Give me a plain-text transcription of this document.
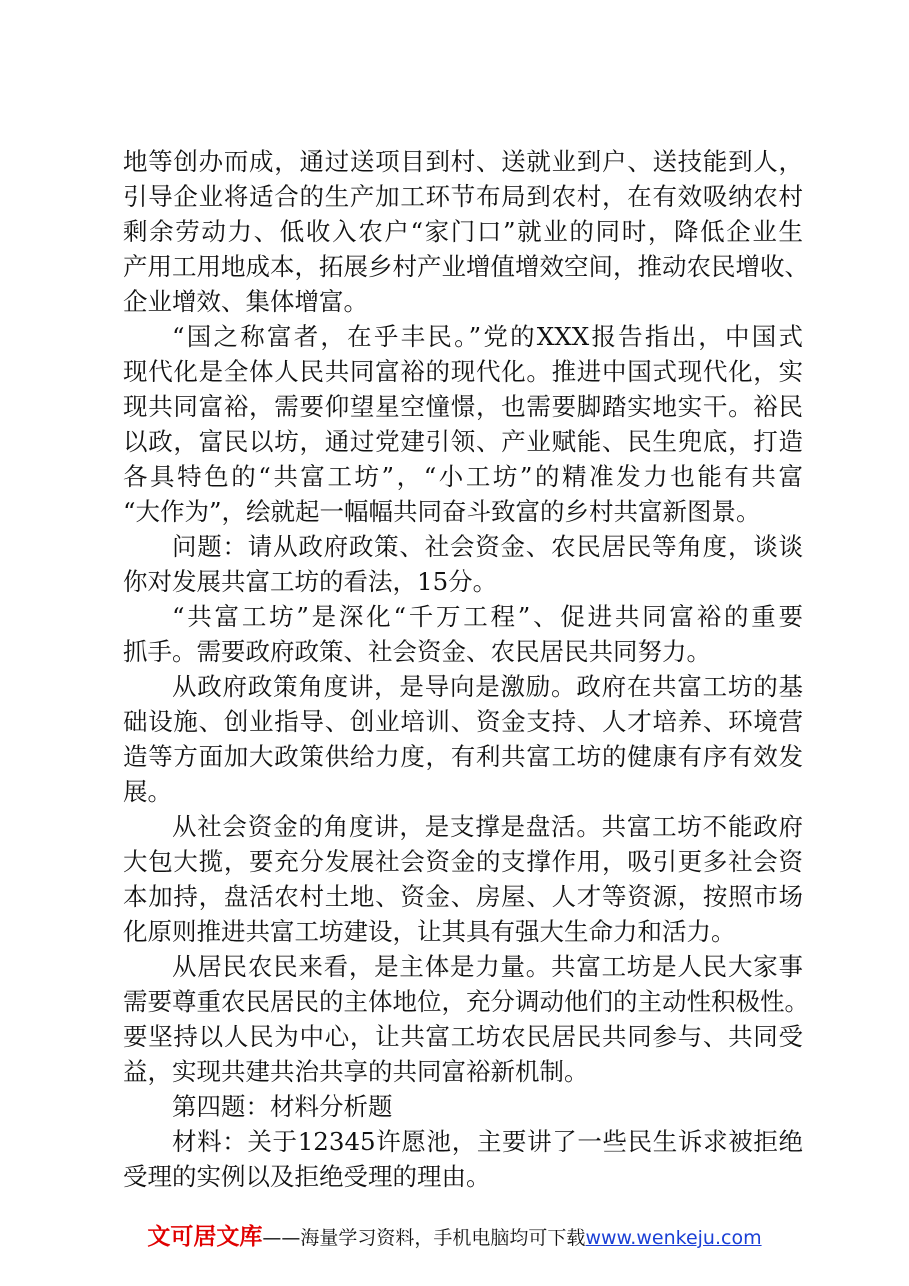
地等创办而成，通过送项目到村、送就业到户、送技能到人，
引导企业将适合的生产加工环节布局到农村，在有效吸纳农村
剩余劳动力、低收入农户“家门口”就业的同时，降低企业生
产用工用地成本，拓展乡村产业增值增效空间，推动农民增收、
企业增效、集体增富。
“国之称富者，在乎丰民。”党的XXX报告指出，中国式
现代化是全体人民共同富裕的现代化。推进中国式现代化，实
现共同富裕，需要仰望星空憧憬，也需要脚踏实地实干。裕民
以政，富民以坊，通过党建引领、产业赋能、民生兜底，打造
各具特色的“共富工坊”，“小工坊”的精准发力也能有共富
“大作为”，绘就起一幅幅共同奋斗致富的乡村共富新图景。
问题：请从政府政策、社会资金、农民居民等角度，谈谈
你对发展共富工坊的看法，15分。
“共富工坊”是深化“千万工程”、促进共同富裕的重要
抓手。需要政府政策、社会资金、农民居民共同努力。
从政府政策角度讲，是导向是激励。政府在共富工坊的基
础设施、创业指导、创业培训、资金支持、人才培养、环境营
造等方面加大政策供给力度，有利共富工坊的健康有序有效发
展。
从社会资金的角度讲，是支撑是盘活。共富工坊不能政府
大包大揽，要充分发展社会资金的支撑作用，吸引更多社会资
本加持，盘活农村土地、资金、房屋、人才等资源，按照市场
化原则推进共富工坊建设，让其具有强大生命力和活力。
从居民农民来看，是主体是力量。共富工坊是人民大家事
需要尊重农民居民的主体地位，充分调动他们的主动性积极性。
要坚持以人民为中心，让共富工坊农民居民共同参与、共同受
益，实现共建共治共享的共同富裕新机制。
第四题：材料分析题
材料：关于12345许愿池，主要讲了一些民生诉求被拒绝
受理的实例以及拒绝受理的理由。
文可居文库——海量学习资料，手机电脑均可下载www.wenkeju.com
